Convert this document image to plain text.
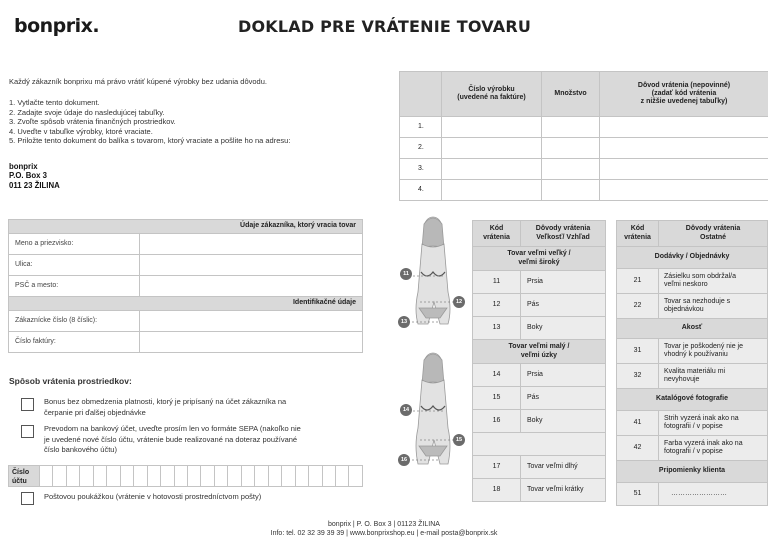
bonprix.	DOKLAD PRE VRÁTENIE TOVARU
Každý zákazník bonprixu má právo vrátiť kúpené výrobky bez udania dôvodu.
1. Vytlačte tento dokument.
2. Zadajte svoje údaje do nasledujúcej tabuľky.
3. Zvoľte spôsob vrátenia finančných prostriedkov.
4. Uveďte v tabuľke výrobky, ktoré vraciate.
5. Priložte tento dokument do balíka s tovarom, ktorý vraciate a pošlite ho na adresu:
bonprix
P.O. Box 3
011 23 ŽILINA
Údaje zákazníka, ktorý vracia tovar	
Meno a priezvisko:	
Ulica:	
PSČ a mesto:	
Identifikačné údaje	
Zákaznícke číslo (8 číslic):	
Číslo faktúry:	
Spôsob vrátenia prostriedkov:
Bonus bez obmedzenia platnosti, ktorý je pripísaný na účet zákazníka na
čerpanie pri ďalšej objednávke
Prevodom na bankový účet, uveďte prosím len vo formáte SEPA (nakoľko nie
je uvedené nové číslo účtu, vrátenie bude realizované na doteraz používané
číslo bankového účtu)
Číslo
účtu
Poštovou poukážkou (vrátenie v hotovosti prostredníctvom pošty)
	Číslo výrobku
(uvedené na faktúre)	Množstvo	Dôvod vrátenia (nepovinné)
(zadať kód vrátenia
z nižšie uvedenej tabuľky)
1.			
2.			
3.			
4.			
11
12
13
14
15
16
Kód
vrátenia	Dôvody vrátenia
Veľkosť/ Vzhľad
Tovar veľmi veľký /
veľmi široký	
11	Prsia
12	Pás
13	Boky
Tovar veľmi malý /
veľmi úzky	
14	Prsia
15	Pás
16	Boky

17	Tovar veľmi dlhý
18	Tovar veľmi krátky
Kód
vrátenia	Dôvody vrátenia
Ostatné
Dodávky / Objednávky	
21	Zásielku som obdržal/a
veľmi neskoro
22	Tovar sa nezhoduje s
objednávkou
Akosť	
31	Tovar je poškodený nie je
vhodný k používaniu
32	Kvalita materiálu mi
nevyhovuje
Katalógové fotografie	
41	Strih vyzerá inak ako na
fotografii / v popise
42	Farba vyzerá inak ako na
fotografii / v popise
Pripomienky klienta	
51	……………………
bonprix | P. O. Box 3 | 01123 ŽILINA
Info: tel. 02 32 39 39 39 | www.bonprixshop.eu | e-mail posta@bonprix.sk
